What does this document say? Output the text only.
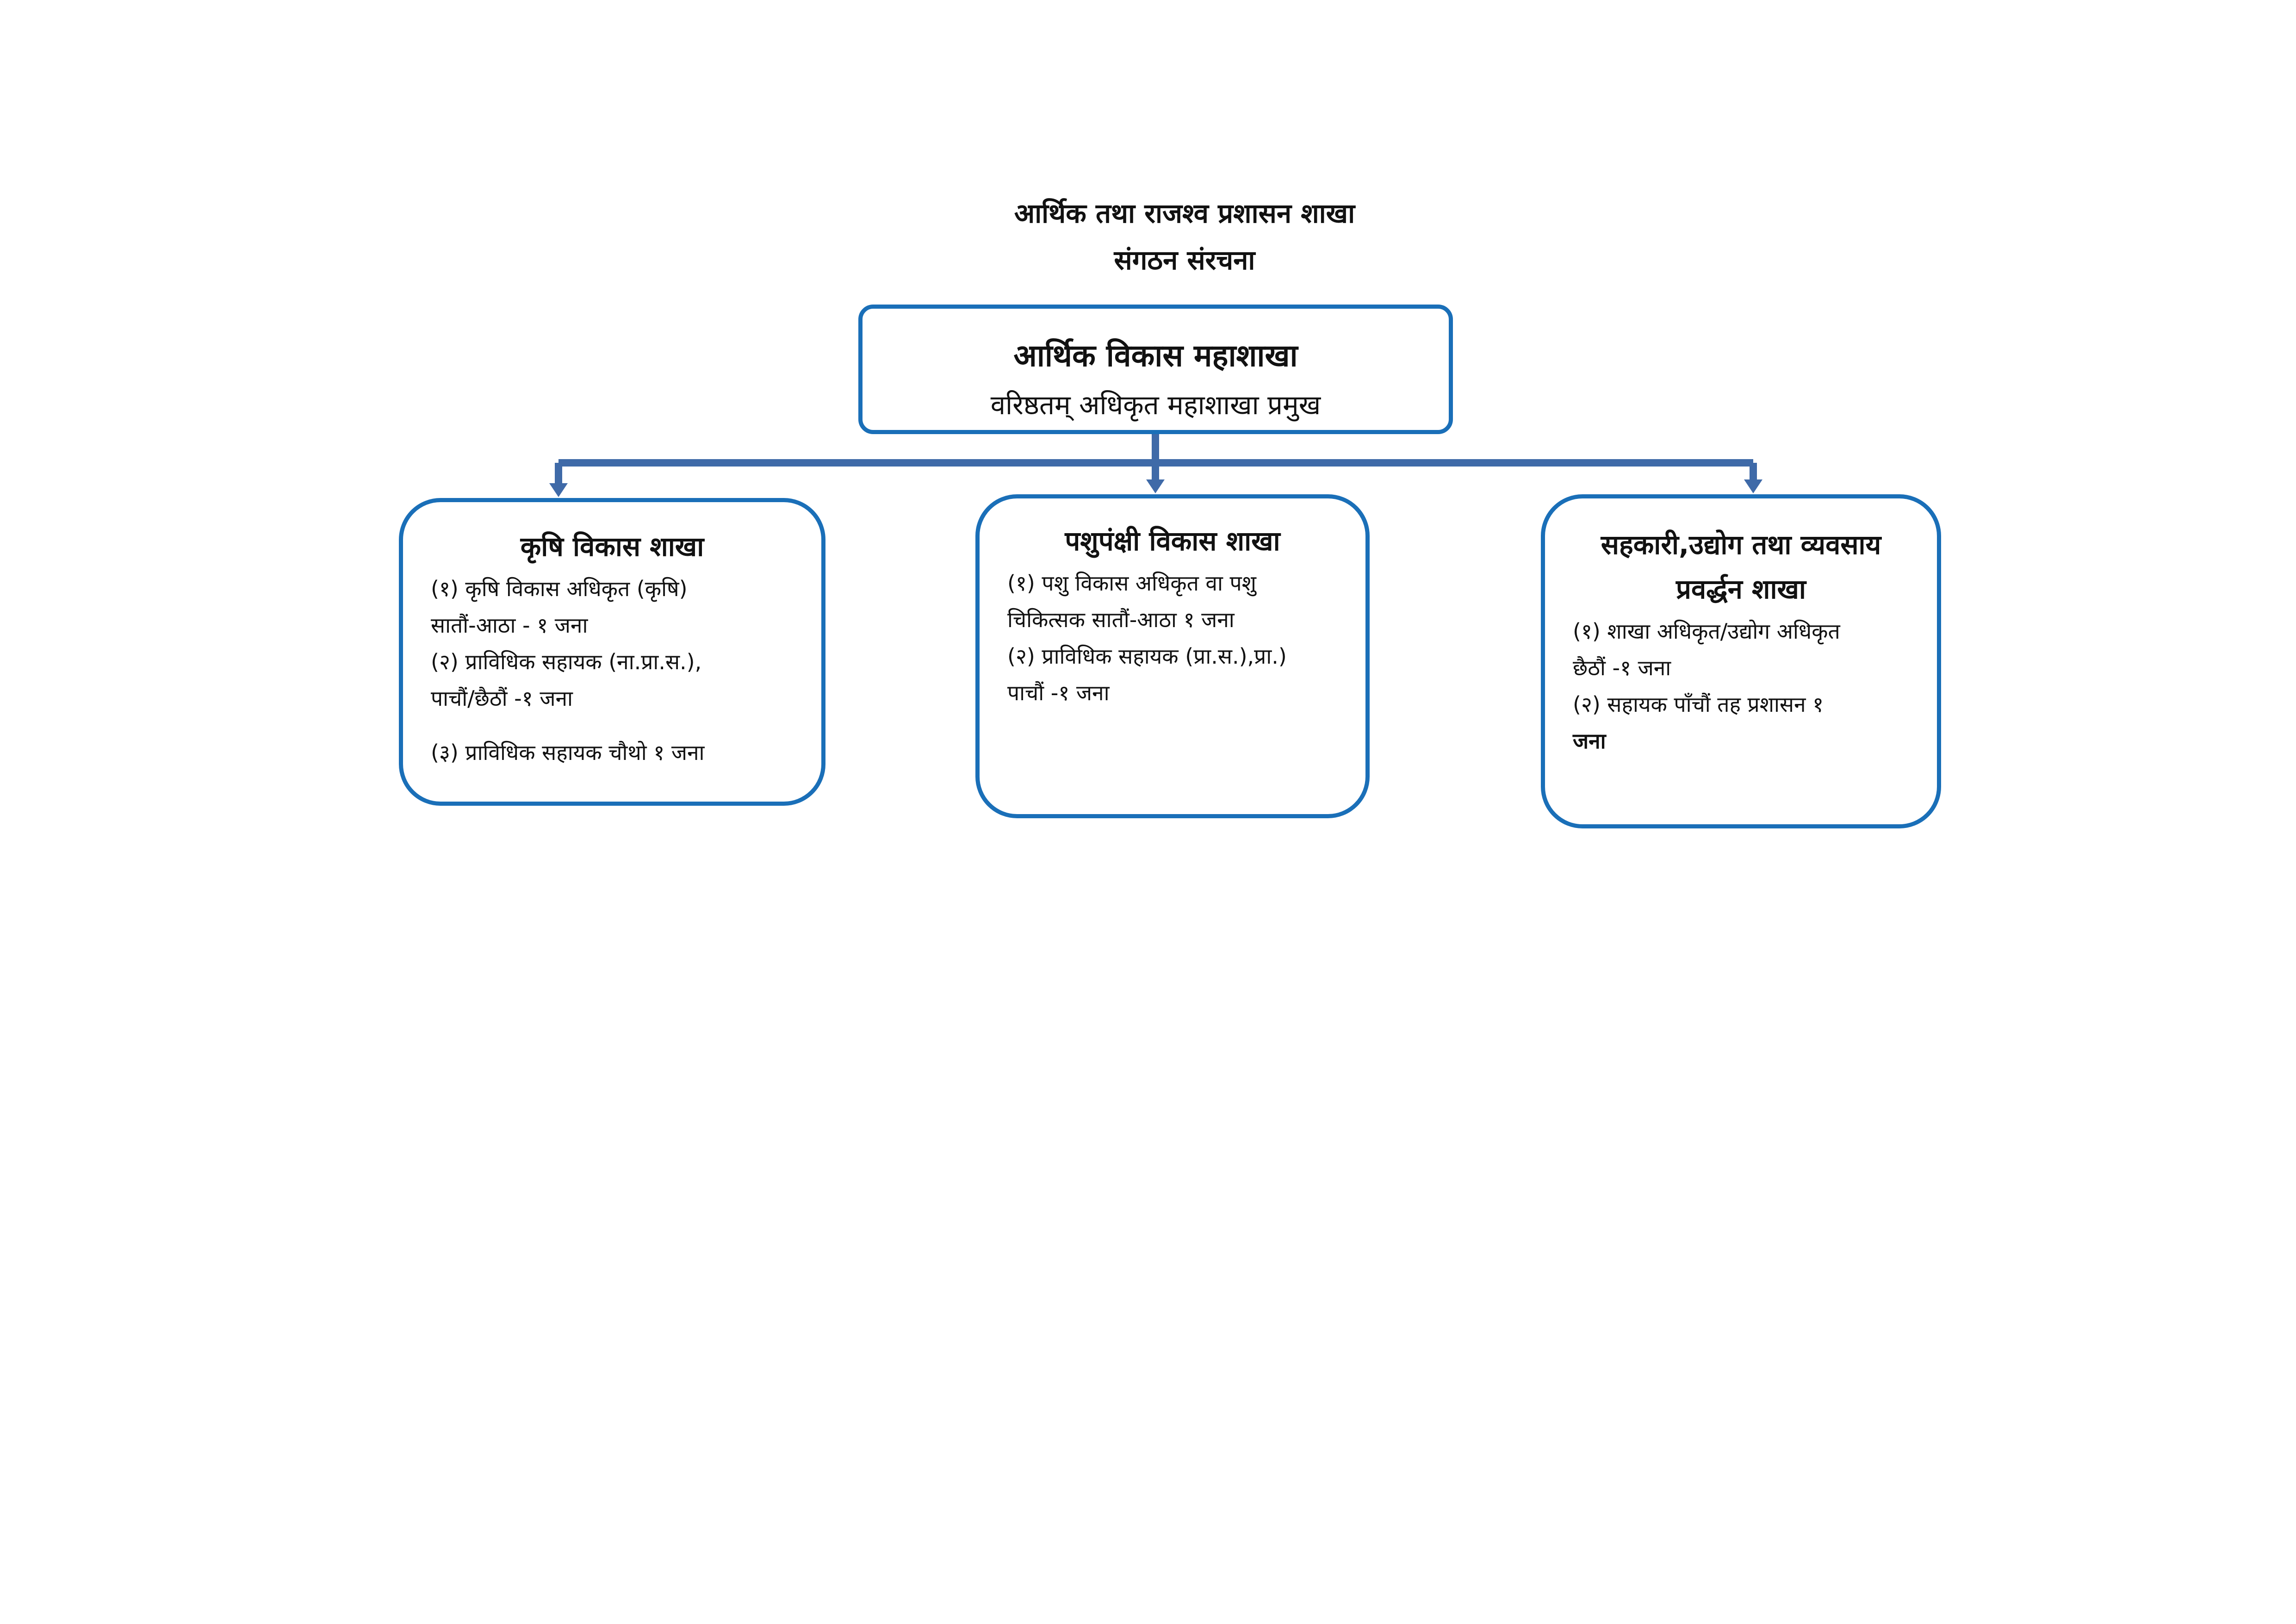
आर्थिक तथा राजश्व प्रशासन शाखा
संगठन संरचना
आर्थिक विकास महाशाखा
वरिष्ठतम् अधिकृत महाशाखा प्रमुख
कृषि विकास शाखा
(१) कृषि विकास अधिकृत (कृषि)
सातौं-आठा - १ जना
(२) प्राविधिक सहायक (ना.प्रा.स.),
पाचौं/छैठौं -१ जना
(३) प्राविधिक सहायक चौथो १ जना
पशुपंक्षी विकास शाखा
(१) पशु विकास अधिकृत वा पशु
चिकित्सक सातौं-आठा १ जना
(२) प्राविधिक सहायक (प्रा.स.),प्रा.)
पाचौं -१ जना
सहकारी,उद्योग तथा व्यवसाय
प्रवर्द्धन शाखा
(१) शाखा अधिकृत/उद्योग अधिकृत
छैठौं -१ जना
(२) सहायक पाँचौं तह प्रशासन १
जना
